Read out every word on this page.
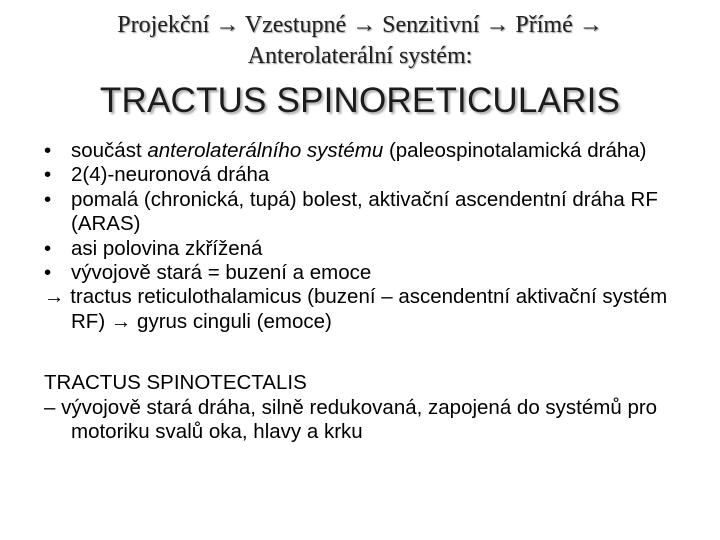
Projekční → Vzestupné → Senzitivní → Přímé →
Anterolaterální systém:
TRACTUS SPINORETICULARIS
• součást anterolaterálního systému (paleospinotalamická dráha)
• 2(4)-neuronová dráha
• pomalá (chronická, tupá) bolest, aktivační ascendentní dráha RF (ARAS)
• asi polovina zkřížená
• vývojově stará = buzení a emoce
→ tractus reticulothalamicus (buzení – ascendentní aktivační systém RF) → gyrus cinguli (emoce)
TRACTUS SPINOTECTALIS
– vývojově stará dráha, silně redukovaná, zapojená do systémů pro motoriku svalů oka, hlavy a krku
